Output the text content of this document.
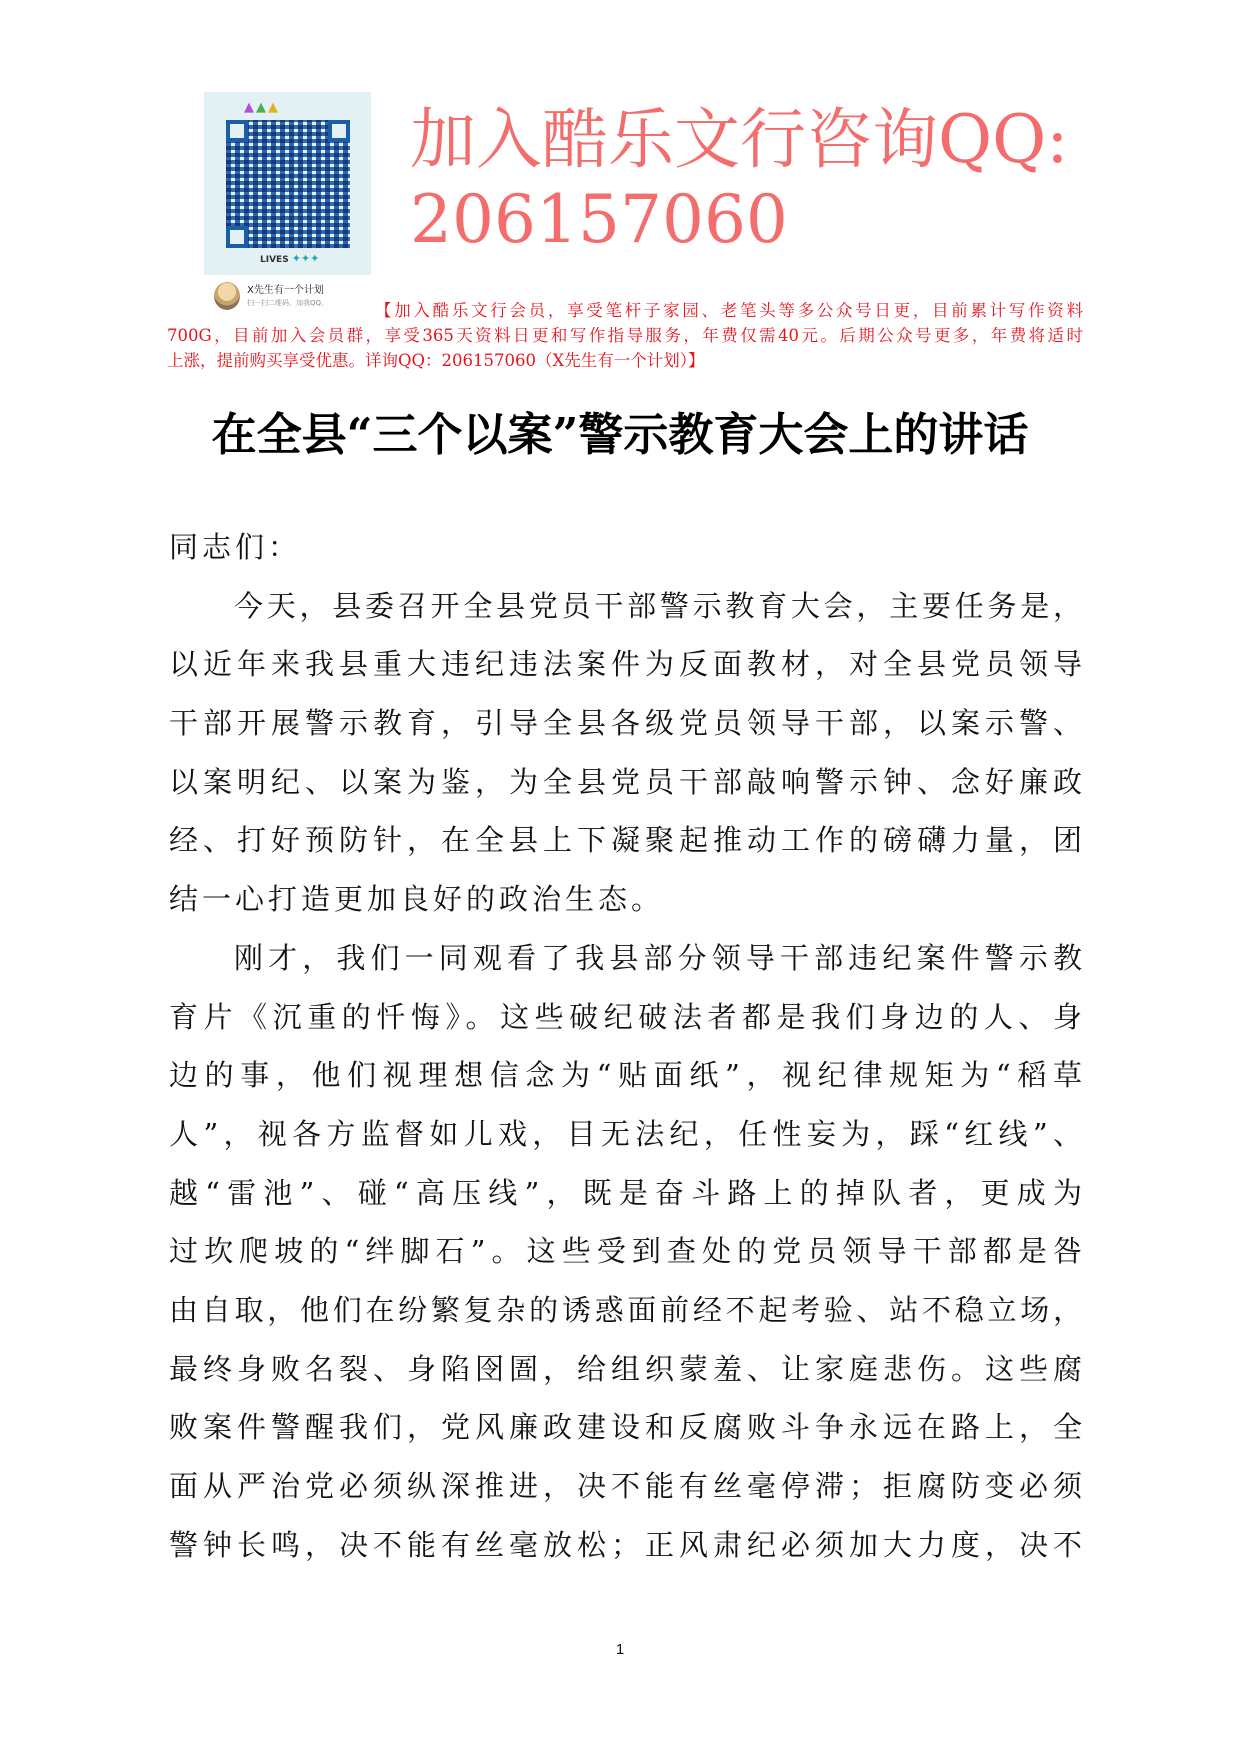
▲▲▲
LIVES ✦✦✦
X先生有一个计划
扫一扫二维码，加我QQ。	【加入酷乐文行会员，享受笔杆子家园、老笔头等多公众号日更，目前累计写作资料
700G，目前加入会员群，享受365天资料日更和写作指导服务，年费仅需40元。后期公众号更多，年费将适时
上涨，提前购买享受优惠。详询QQ：206157060（X先生有一个计划）】
在全县“三个以案”警示教育大会上的讲话
同志们：
今天，县委召开全县党员干部警示教育大会，主要任务是，
以近年来我县重大违纪违法案件为反面教材，对全县党员领导
干部开展警示教育，引导全县各级党员领导干部，以案示警、
以案明纪、以案为鉴，为全县党员干部敲响警示钟、念好廉政
经、打好预防针，在全县上下凝聚起推动工作的磅礴力量，团
结一心打造更加良好的政治生态。
刚才，我们一同观看了我县部分领导干部违纪案件警示教
育片《沉重的忏悔》。这些破纪破法者都是我们身边的人、身
边的事，他们视理想信念为“贴面纸”，视纪律规矩为“稻草
人”，视各方监督如儿戏，目无法纪，任性妄为，踩“红线”、
越“雷池”、碰“高压线”，既是奋斗路上的掉队者，更成为
过坎爬坡的“绊脚石”。这些受到查处的党员领导干部都是咎
由自取，他们在纷繁复杂的诱惑面前经不起考验、站不稳立场，
最终身败名裂、身陷囹圄，给组织蒙羞、让家庭悲伤。这些腐
败案件警醒我们，党风廉政建设和反腐败斗争永远在路上，全
面从严治党必须纵深推进，决不能有丝毫停滞；拒腐防变必须
警钟长鸣，决不能有丝毫放松；正风肃纪必须加大力度，决不
1
加入酷乐文行咨询QQ:206157060
